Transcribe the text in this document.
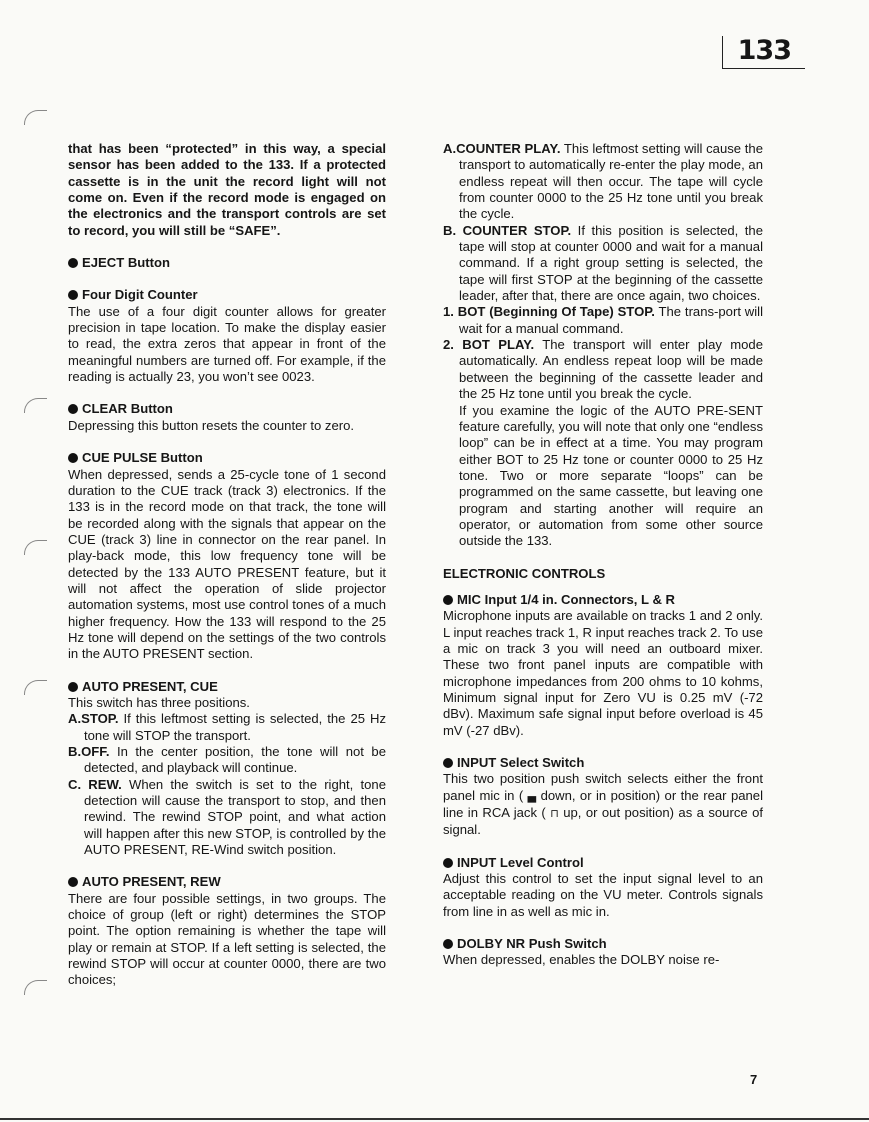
133

that has been “protected” in this way, a special sensor has been added to the 133. If a protected cassette is in the unit the record light will not come on. Even if the record mode is engaged on the electronics and the transport controls are set to record, you will still be “SAFE”.

EJECT Button

Four Digit Counter

The use of a four digit counter allows for greater precision in tape location. To make the display easier to read, the extra zeros that appear in front of the meaningful numbers are turned off. For example, if the reading is actually 23, you won’t see 0023.

CLEAR Button

Depressing this button resets the counter to zero.

CUE PULSE Button

When depressed, sends a 25-cycle tone of 1 second duration to the CUE track (track 3) electronics. If the 133 is in the record mode on that track, the tone will be recorded along with the signals that appear on the CUE (track 3) line in connector on the rear panel. In play-back mode, this low frequency tone will be detected by the 133 AUTO PRESENT feature, but it will not affect the operation of slide projector automation systems, most use control tones of a much higher frequency. How the 133 will respond to the 25 Hz tone will depend on the settings of the two controls in the AUTO PRESENT section.

AUTO PRESENT, CUE

This switch has three positions.

A.STOP. If this leftmost setting is selected, the 25 Hz tone will STOP the transport.

B.OFF. In the center position, the tone will not be detected, and playback will continue.

C. REW. When the switch is set to the right, tone detection will cause the transport to stop, and then rewind. The rewind STOP point, and what action will happen after this new STOP, is controlled by the AUTO PRESENT, RE-Wind switch position.

AUTO PRESENT, REW

There are four possible settings, in two groups. The choice of group (left or right) determines the STOP point. The option remaining is whether the tape will play or remain at STOP. If a left setting is selected, the rewind STOP will occur at counter 0000, there are two choices;

A.COUNTER PLAY. This leftmost setting will cause the transport to automatically re-enter the play mode, an endless repeat will then occur. The tape will cycle from counter 0000 to the 25 Hz tone until you break the cycle.

B. COUNTER STOP. If this position is selected, the tape will stop at counter 0000 and wait for a manual command. If a right group setting is selected, the tape will first STOP at the beginning of the cassette leader, after that, there are once again, two choices.

1. BOT (Beginning Of Tape) STOP. The trans-port will wait for a manual command.

2. BOT PLAY. The transport will enter play mode automatically. An endless repeat loop will be made between the beginning of the cassette leader and the 25 Hz tone until you break the cycle.

If you examine the logic of the AUTO PRE-SENT feature carefully, you will note that only one “endless loop” can be in effect at a time. You may program either BOT to 25 Hz tone or counter 0000 to 25 Hz tone. Two or more separate “loops” can be programmed on the same cassette, but leaving one program and starting another will require an operator, or automation from some other source outside the 133.

ELECTRONIC CONTROLS

MIC Input 1/4 in. Connectors, L & R

Microphone inputs are available on tracks 1 and 2 only. L input reaches track 1, R input reaches track 2. To use a mic on track 3 you will need an outboard mixer. These two front panel inputs are compatible with microphone impedances from 200 ohms to 10 kohms, Minimum signal input for Zero VU is 0.25 mV (-72 dBv). Maximum safe signal input before overload is 45 mV (-27 dBv).

INPUT Select Switch

This two position push switch selects either the front panel mic in ( ▄ down, or in position) or the rear panel line in RCA jack ( ⊓ up, or out position) as a source of signal.

INPUT Level Control

Adjust this control to set the input signal level to an acceptable reading on the VU meter. Controls signals from line in as well as mic in.

DOLBY NR Push Switch

When depressed, enables the DOLBY noise re-

7
